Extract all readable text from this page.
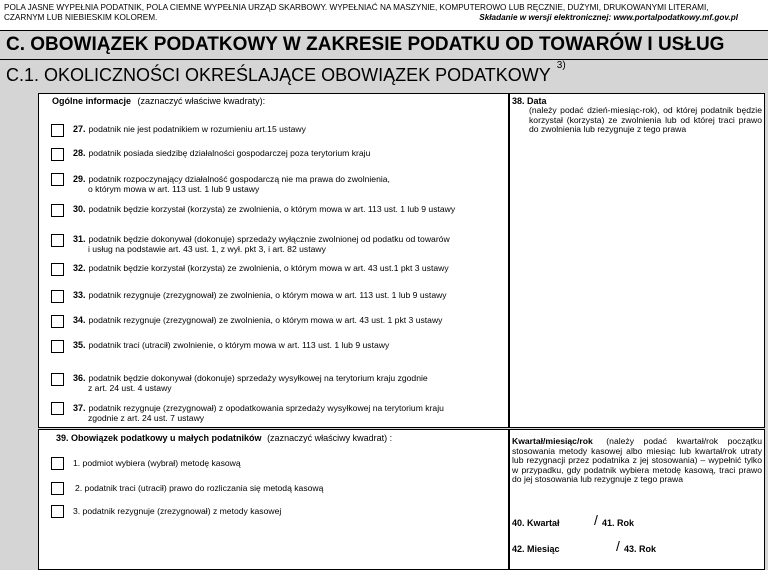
POLA JASNE WYPEŁNIA PODATNIK, POLA CIEMNE WYPEŁNIA URZĄD SKARBOWY. WYPEŁNIAĆ NA MASZYNIE, KOMPUTEROWO LUB RĘCZNIE, DUŻYMI, DRUKOWANYMI LITERAMI,
CZARNYM LUB NIEBIESKIM KOLOREM.	Składanie w wersji elektronicznej: www.portalpodatkowy.mf.gov.pl
C. OBOWIĄZEK PODATKOWY W ZAKRESIE PODATKU OD TOWARÓW I USŁUG
C.1. OKOLICZNOŚCI OKREŚLAJĄCE OBOWIĄZEK PODATKOWY $^{3)}$
Ogólne informacje (zaznaczyć właściwe kwadraty):
27. podatnik nie jest podatnikiem w rozumieniu art.15 ustawy
28. podatnik posiada siedzibę działalności gospodarczej poza terytorium kraju
29. podatnik rozpoczynający działalność gospodarczą nie ma prawa do zwolnienia,
o którym mowa w art. 113 ust. 1 lub 9 ustawy
30. podatnik będzie korzystał (korzysta) ze zwolnienia, o którym mowa w art. 113 ust. 1 lub 9 ustawy
31. podatnik będzie dokonywał (dokonuje) sprzedaży wyłącznie zwolnionej od podatku od towarów
i usług na podstawie art. 43 ust. 1, z wył. pkt 3, i art. 82 ustawy
32. podatnik będzie korzystał (korzysta) ze zwolnienia, o którym mowa w art. 43 ust.1 pkt 3 ustawy
33. podatnik rezygnuje (zrezygnował) ze zwolnienia, o którym mowa w art. 113 ust. 1 lub 9 ustawy
34. podatnik rezygnuje (zrezygnował) ze zwolnienia, o którym mowa w art. 43 ust. 1 pkt 3 ustawy
35. podatnik traci (utracił) zwolnienie, o którym mowa w art. 113 ust. 1 lub 9 ustawy
36. podatnik będzie dokonywał (dokonuje) sprzedaży wysyłkowej na terytorium kraju zgodnie
z art. 24 ust. 4 ustawy
37. podatnik rezygnuje (zrezygnował) z opodatkowania sprzedaży wysyłkowej na terytorium kraju
zgodnie z art. 24 ust. 7 ustawy
38. Data
(należy podać dzień-miesiąc-rok), od której podatnik będzie korzystał (korzysta) ze zwolnienia lub od której traci prawo do zwolnienia lub rezygnuje z tego prawa
39. Obowiązek podatkowy u małych podatników (zaznaczyć właściwy kwadrat) :
1. podmiot wybiera (wybrał) metodę kasową
2. podatnik traci (utracił) prawo do rozliczania się metodą kasową
3. podatnik rezygnuje (zrezygnował) z metody kasowej
Kwartał/miesiąc/rok (należy podać kwartał/rok początku stosowania metody kasowej albo miesiąc lub kwartał/rok utraty lub rezygnacji przez podatnika z jej stosowania) – wypełnić tylko w przypadku, gdy podatnik wybiera metodę kasową, traci prawo do jej stosowania lub rezygnuje z tego prawa
40. Kwartał / 41. Rok
42. Miesiąc	/ 43. Rok
